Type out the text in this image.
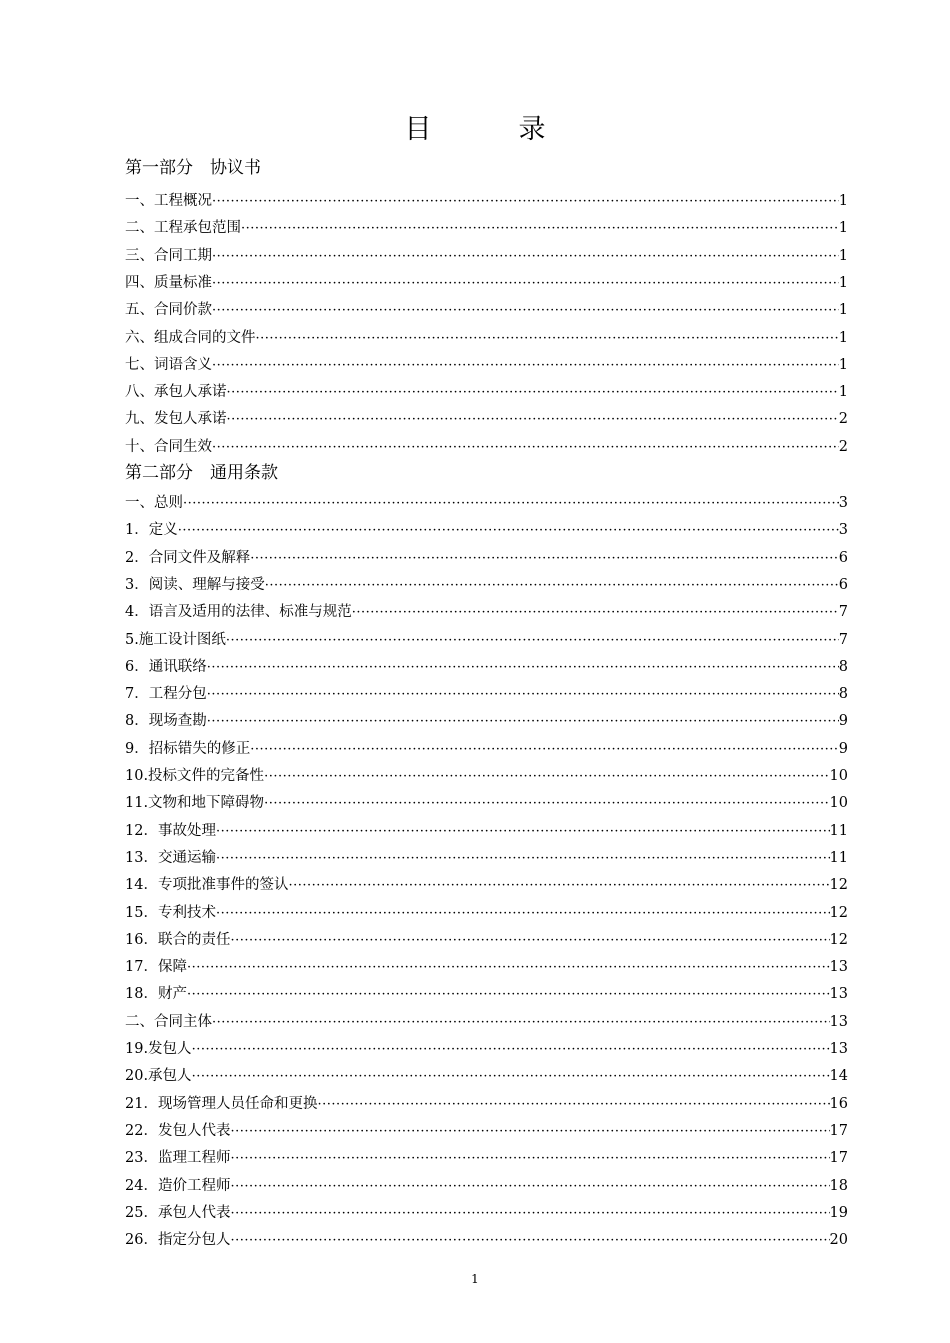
目　录
第一部分　协议书
第二部分　通用条款
一、工程概况 ·····	1
二、工程承包范围 ·····	1
三、合同工期 ·····	1
四、质量标准 ·····	1
五、合同价款 ·····	1
六、组成合同的文件 ·····	1
七、词语含义 ·····	1
八、承包人承诺 ·····	1
九、发包人承诺 ·····	2
十、合同生效 ·····	2
一、总则 ·····	3
1．定义 ·····	3
2．合同文件及解释 ·····	6
3．阅读、理解与接受 ·····	6
4．语言及适用的法律、标准与规范 ·····	7
5.施工设计图纸 ·····	7
6．通讯联络 ·····	8
7．工程分包 ·····	8
8．现场查勘 ·····	9
9．招标错失的修正 ·····	9
10.投标文件的完备性 ·····	10
11.文物和地下障碍物 ·····	10
12．事故处理 ·····	11
13．交通运输 ·····	11
14．专项批准事件的签认 ·····	12
15．专利技术 ·····	12
16．联合的责任 ·····	12
17．保障 ·····	13
18．财产 ·····	13
二、合同主体 ·····	13
19.发包人 ·····	13
20.承包人 ·····	14
21．现场管理人员任命和更换 ·····	16
22．发包人代表 ·····	17
23．监理工程师 ·····	17
24．造价工程师 ·····	18
25．承包人代表 ·····	19
26．指定分包人 ·····	20
1
